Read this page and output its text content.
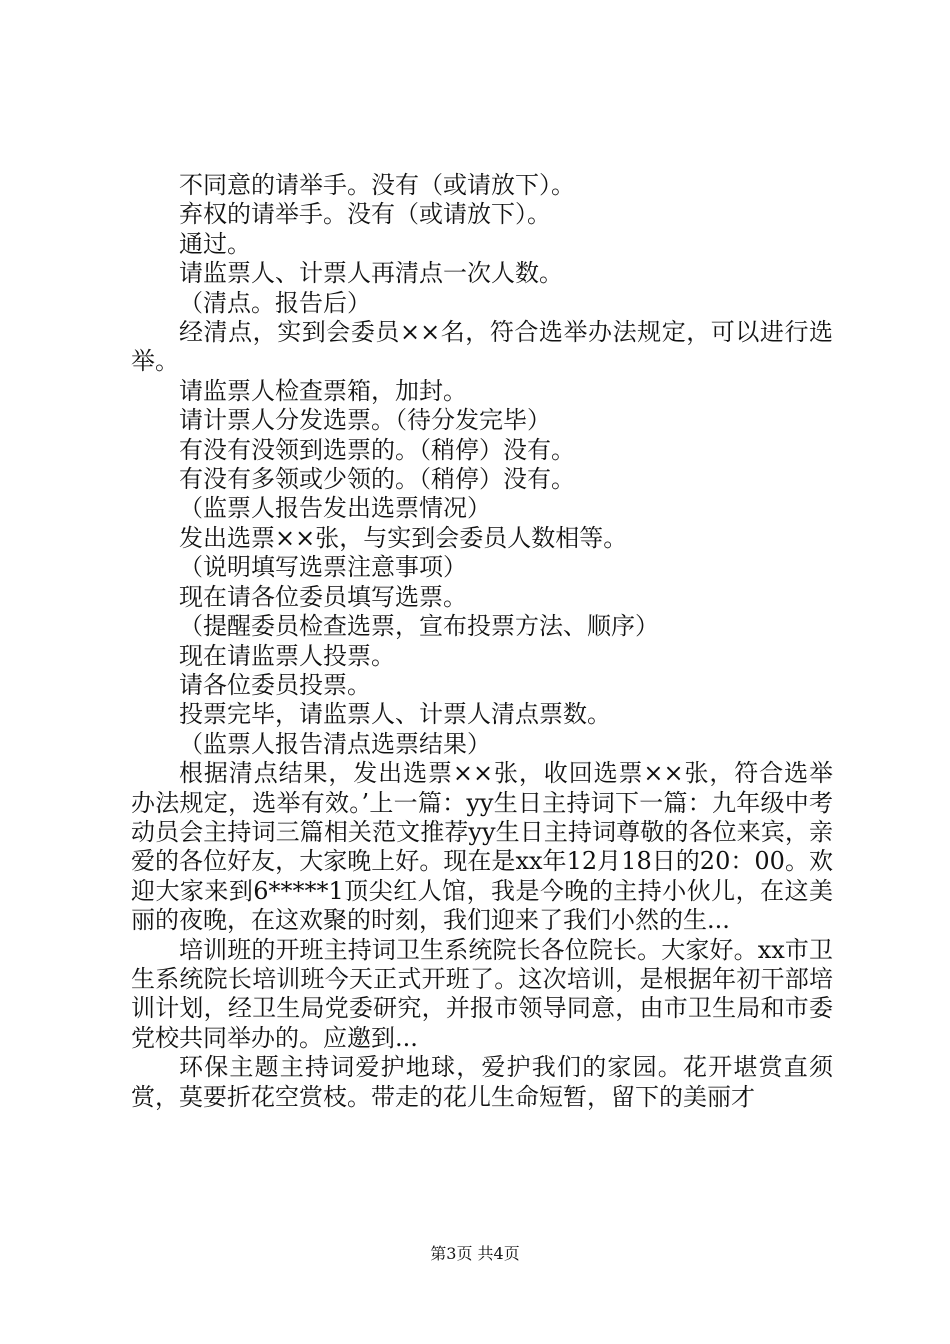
不同意的请举手。没有（或请放下）。

弃权的请举手。没有（或请放下）。

通过。

请监票人、计票人再清点一次人数。

（清点。报告后）

经清点，实到会委员××名，符合选举办法规定，可以进行选举。

请监票人检查票箱，加封。

请计票人分发选票。（待分发完毕）

有没有没领到选票的。（稍停）没有。

有没有多领或少领的。（稍停）没有。

（监票人报告发出选票情况）

发出选票××张，与实到会委员人数相等。

（说明填写选票注意事项）

现在请各位委员填写选票。

（提醒委员检查选票，宣布投票方法、顺序）

现在请监票人投票。

请各位委员投票。

投票完毕，请监票人、计票人清点票数。

（监票人报告清点选票结果）

根据清点结果，发出选票××张，收回选票××张，符合选举办法规定，选举有效。’上一篇：yy生日主持词下一篇：九年级中考动员会主持词三篇相关范文推荐yy生日主持词尊敬的各位来宾，亲爱的各位好友，大家晚上好。现在是xx年12月18日的20：00。欢迎大家来到6*****1顶尖红人馆，我是今晚的主持小伙儿，在这美丽的夜晚，在这欢聚的时刻，我们迎来了我们小然的生...

培训班的开班主持词卫生系统院长各位院长。大家好。xx市卫生系统院长培训班今天正式开班了。这次培训，是根据年初干部培训计划，经卫生局党委研究，并报市领导同意，由市卫生局和市委党校共同举办的。应邀到...

环保主题主持词爱护地球，爱护我们的家园。花开堪赏直须赏，莫要折花空赏枝。带走的花儿生命短暂，留下的美丽才

第3页 共4页
